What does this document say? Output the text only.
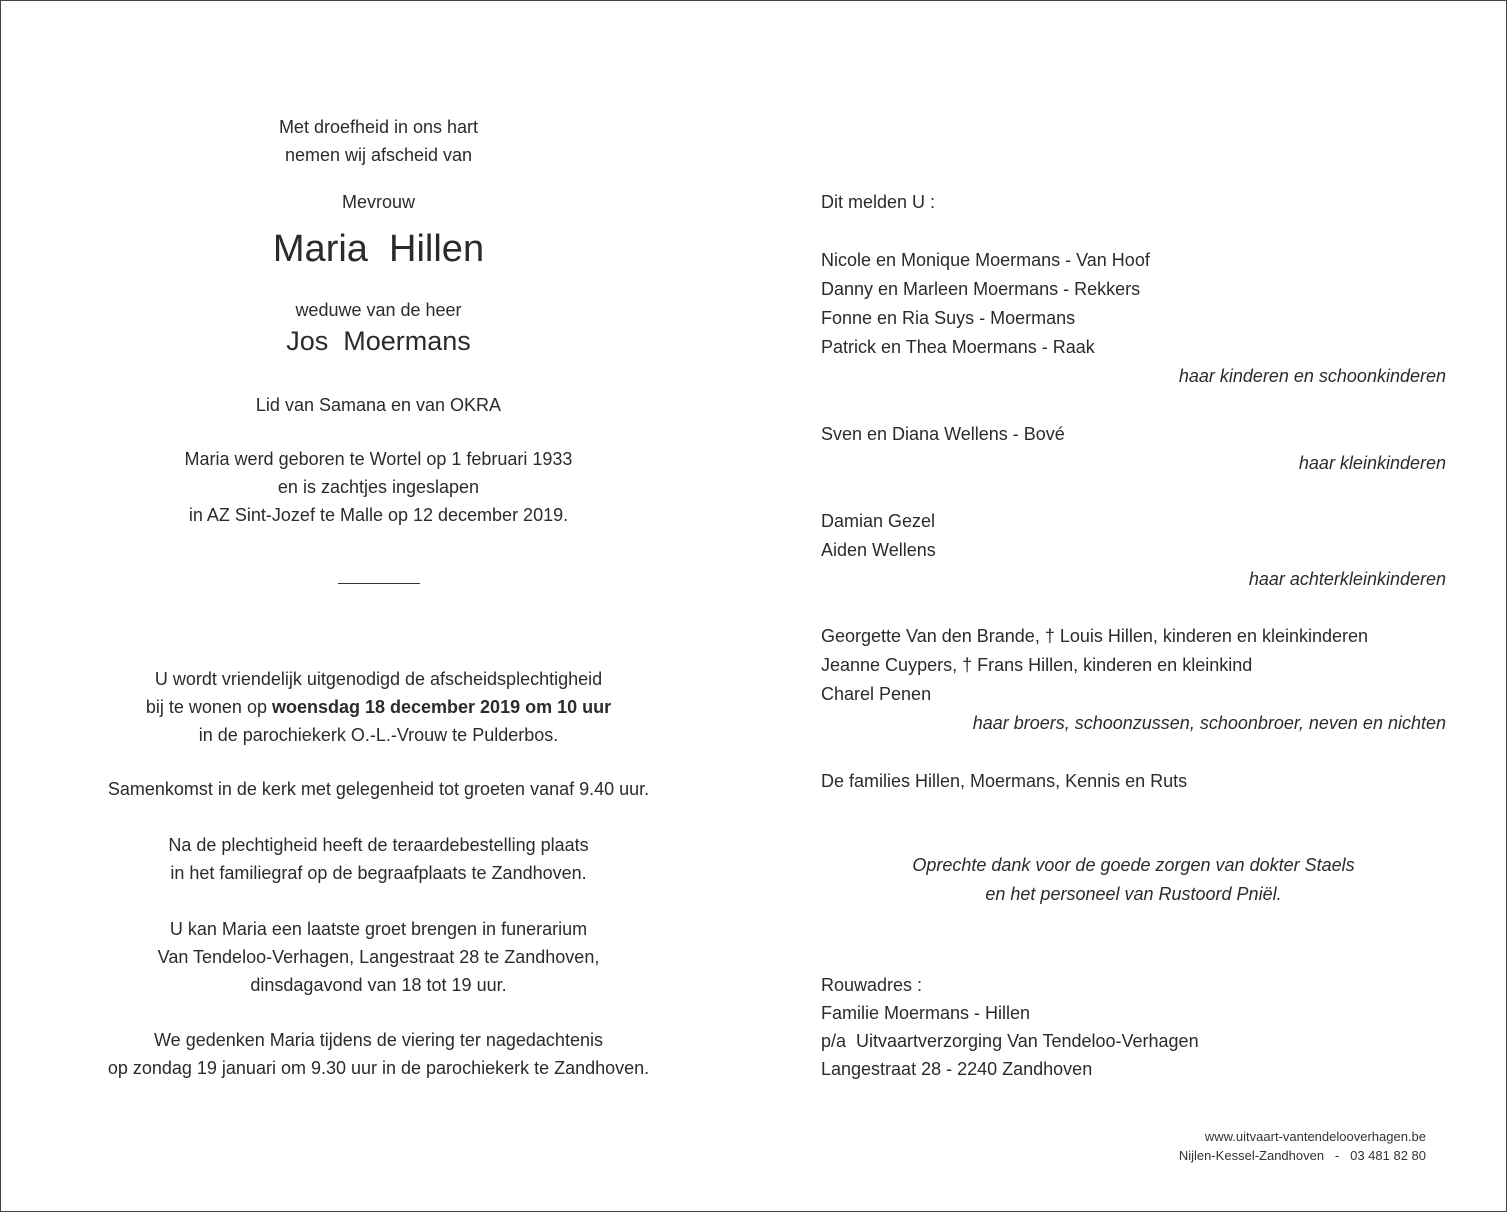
Met droefheid in ons hart
nemen wij afscheid van
Mevrouw
Maria  Hillen
weduwe van de heer
Jos  Moermans
Lid van Samana en van OKRA
Maria werd geboren te Wortel op 1 februari 1933
en is zachtjes ingeslapen
in AZ Sint-Jozef te Malle op 12 december 2019.
U wordt vriendelijk uitgenodigd de afscheidsplechtigheid
bij te wonen op woensdag 18 december 2019 om 10 uur
in de parochiekerk O.-L.-Vrouw te Pulderbos.
Samenkomst in de kerk met gelegenheid tot groeten vanaf 9.40 uur.
Na de plechtigheid heeft de teraardebestelling plaats
in het familiegraf op de begraafplaats te Zandhoven.
U kan Maria een laatste groet brengen in funerarium
Van Tendeloo-Verhagen, Langestraat 28 te Zandhoven,
dinsdagavond van 18 tot 19 uur.
We gedenken Maria tijdens de viering ter nagedachtenis
op zondag 19 januari om 9.30 uur in de parochiekerk te Zandhoven.
Dit melden U :
Nicole en Monique Moermans - Van Hoof
Danny en Marleen Moermans - Rekkers
Fonne en Ria Suys - Moermans
Patrick en Thea Moermans - Raak
haar kinderen en schoonkinderen
Sven en Diana Wellens - Bové
haar kleinkinderen
Damian Gezel
Aiden Wellens
haar achterkleinkinderen
Georgette Van den Brande, † Louis Hillen, kinderen en kleinkinderen
Jeanne Cuypers, † Frans Hillen, kinderen en kleinkind
Charel Penen
haar broers, schoonzussen, schoonbroer, neven en nichten
De families Hillen, Moermans, Kennis en Ruts
Oprechte dank voor de goede zorgen van dokter Staels
en het personeel van Rustoord Pniël.
Rouwadres :
Familie Moermans - Hillen
p/a  Uitvaartverzorging Van Tendeloo-Verhagen
Langestraat 28 - 2240 Zandhoven
www.uitvaart-vantendelooverhagen.be
Nijlen-Kessel-Zandhoven   -   03 481 82 80
